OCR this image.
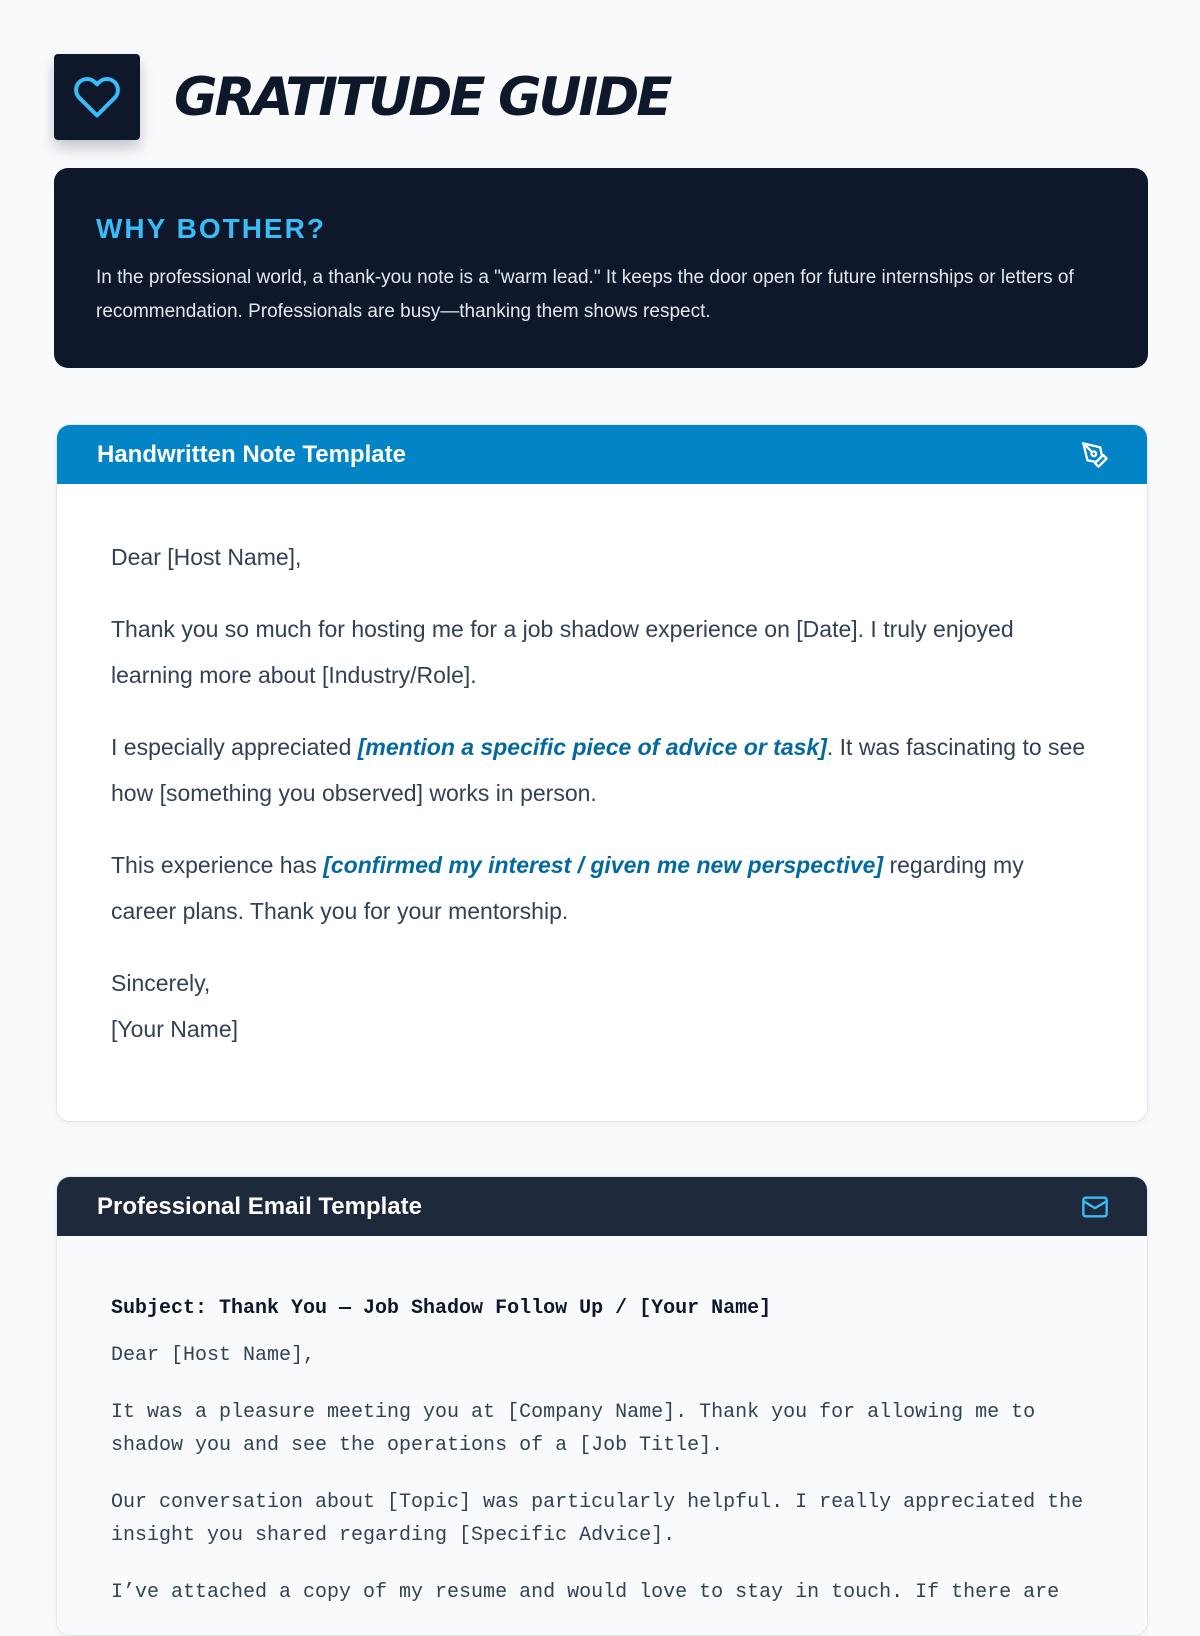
GRATITUDE GUIDE
WHY BOTHER?

In the professional world, a thank-you note is a "warm lead." It keeps the door open for future internships or letters of recommendation. Professionals are busy—thanking them shows respect.

Handwritten Note Template

Dear [Host Name],

Thank you so much for hosting me for a job shadow experience on [Date]. I truly enjoyed learning more about [Industry/Role].

I especially appreciated [mention a specific piece of advice or task]. It was fascinating to see how [something you observed] works in person.

This experience has [confirmed my interest / given me new perspective] regarding my career plans. Thank you for your mentorship.

Sincerely,
[Your Name]

Professional Email Template

Subject: Thank You — Job Shadow Follow Up / [Your Name]

Dear [Host Name],

It was a pleasure meeting you at [Company Name]. Thank you for allowing me to shadow you and see the operations of a [Job Title].

Our conversation about [Topic] was particularly helpful. I really appreciated the insight you shared regarding [Specific Advice].

I’ve attached a copy of my resume and would love to stay in touch. If there are
